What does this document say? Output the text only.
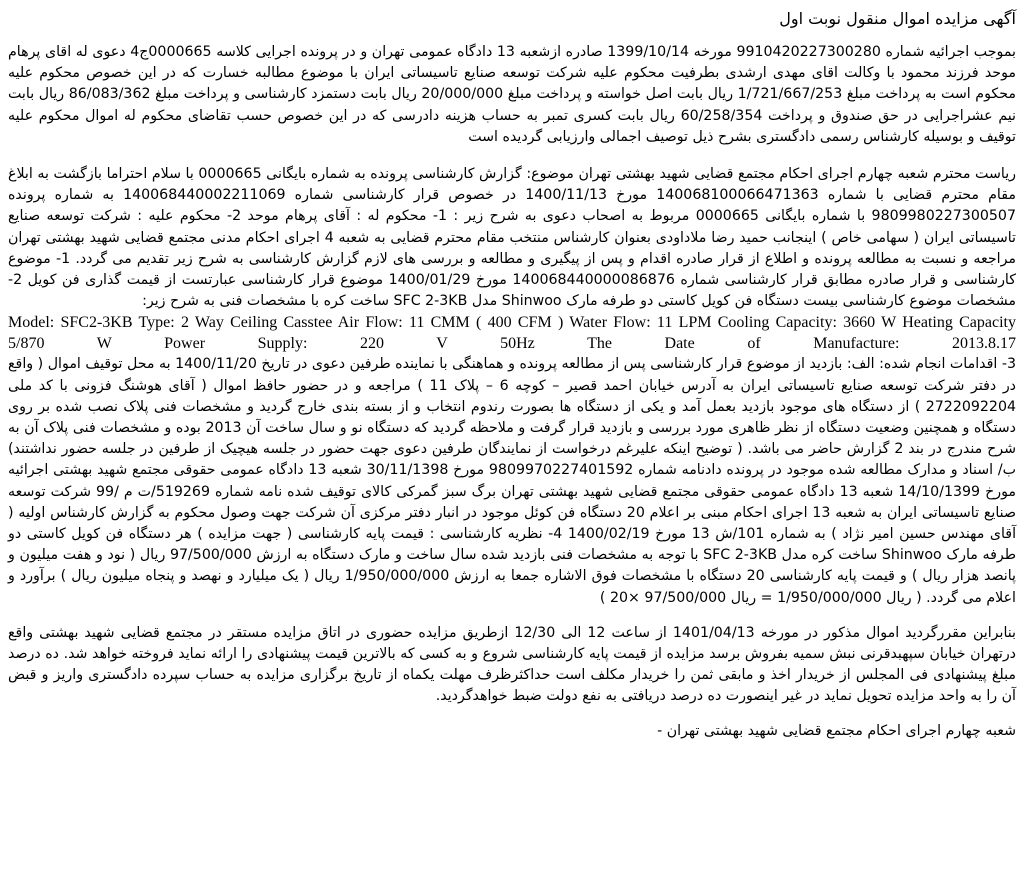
آگهی مزایده اموال منقول نوبت اول

بموجب اجرائیه شماره 9910420227300280 مورخه 1399/10/14 صادره ازشعبه 13 دادگاه عمومی تهران و در پرونده اجرایی کلاسه 0000665ج4 دعوی له اقای پرهام موحد فرزند محمود با وکالت اقای مهدی ارشدی بطرفیت محکوم علیه شرکت توسعه صنایع تاسیساتی ایران با موضوع مطالبه خسارت که در این خصوص محکوم علیه محکوم است به پرداخت مبلغ 1/721/667/253 ریال بابت اصل خواسته و پرداخت مبلغ 20/000/000 ریال بابت دستمزد کارشناسی و پرداخت مبلغ 86/083/362 ریال بابت نیم عشراجرایی در حق صندوق و پرداخت 60/258/354 ریال بابت کسری تمبر به حساب هزینه دادرسی که در این خصوص حسب تقاضای محکوم له اموال محکوم علیه توقیف و بوسیله کارشناس رسمی دادگستری بشرح ذیل توصیف اجمالی وارزیابی گردیده است

ریاست محترم شعبه چهارم اجرای احکام مجتمع قضایی شهید بهشتی تهران موضوع: گزارش کارشناسی پرونده به شماره بایگانی 0000665 با سلام احتراما بازگشت به ابلاغ مقام محترم قضایی با شماره 140068100066471363 مورخ 1400/11/13 در خصوص قرار کارشناسی شماره 140068440002211069 به شماره پرونده 9809980227300507 با شماره بایگانی 0000665 مربوط به اصحاب دعوی به شرح زیر : 1- محکوم له : آقای پرهام موحد 2- محکوم علیه : شرکت توسعه صنایع تاسیساتی ایران ( سهامی خاص ) اینجانب حمید رضا ملاداودی بعنوان کارشناس منتخب مقام محترم قضایی به شعبه 4 اجرای احکام مدنی مجتمع قضایی شهید بهشتی تهران مراجعه و نسبت به مطالعه پرونده و اطلاع از قرار صادره اقدام و پس از پیگیری و مطالعه و بررسی های لازم گزارش کارشناسی به شرح زیر تقدیم می گردد. 1- موضوع کارشناسی و قرار صادره مطابق قرار کارشناسی شماره 140068440000086876 مورخ 1400/01/29 موضوع قرار کارشناسی عبارتست از قیمت گذاری فن کویل 2- مشخصات موضوع کارشناسی بیست دستگاه فن کویل کاستی دو طرفه مارک Shinwoo مدل SFC 2-3KB ساخت کره با مشخصات فنی به شرح زیر:

Model: SFC2-3KB Type: 2 Way Ceiling Casstee Air Flow: 11 CMM ( 400 CFM ) Water Flow: 11 LPM Cooling Capacity: 3660 W Heating Capacity
5/870 W Power Supply: 220 V 50Hz The Date of Manufacture: 2013.8.17

3- اقدامات انجام شده: الف: بازدید از موضوع قرار کارشناسی پس از مطالعه پرونده و هماهنگی با نماینده طرفین دعوی در تاریخ 1400/11/20 به محل توقیف اموال ( واقع در دفتر شرکت توسعه صنایع تاسیساتی ایران به آدرس خیابان احمد قصیر – کوچه 6 – پلاک 11 ) مراجعه و در حضور حافظ اموال ( آقای هوشنگ فزونی با کد ملی 2722092204 ) از دستگاه های موجود بازدید بعمل آمد و یکی از دستگاه ها بصورت رندوم انتخاب و از بسته بندی خارج گردید و مشخصات فنی پلاک نصب شده بر روی دستگاه و همچنین وضعیت دستگاه از نظر ظاهری مورد بررسی و بازدید قرار گرفت و ملاحظه گردید که دستگاه نو و سال ساخت آن 2013 بوده و مشخصات فنی پلاک آن به شرح مندرج در بند 2 گزارش حاضر می باشد. ( توضیح اینکه علیرغم درخواست از نمایندگان طرفین دعوی جهت حضور در جلسه هیچیک از طرفین در جلسه حضور نداشتند) ب/ اسناد و مدارک مطالعه شده موجود در پرونده دادنامه شماره 9809970227401592 مورخ 30/11/1398 شعبه 13 دادگاه عمومی حقوقی مجتمع شهید بهشتی اجرائیه مورخ 14/10/1399 شعبه 13 دادگاه عمومی حقوقی مجتمع قضایی شهید بهشتی تهران برگ سبز گمرکی کالای توقیف شده نامه شماره 519269/ت م /99 شرکت توسعه صنایع تاسیساتی ایران به شعبه 13 اجرای احکام مبنی بر اعلام 20 دستگاه فن کوئل موجود در انبار دفتر مرکزی آن شرکت جهت وصول محکوم به گزارش کارشناس اولیه ( آقای مهندس حسین امیر نژاد ) به شماره 101/ش 13 مورخ 1400/02/19 4- نظریه کارشناسی : قیمت پایه کارشناسی ( جهت مزایده ) هر دستگاه فن کویل کاستی دو طرفه مارک Shinwoo ساخت کره مدل SFC 2-3KB با توجه به مشخصات فنی بازدید شده سال ساخت و مارک دستگاه به ارزش 97/500/000 ریال ( نود و هفت میلیون و پانصد هزار ریال ) و قیمت پایه کارشناسی 20 دستگاه با مشخصات فوق الاشاره جمعا به ارزش 1/950/000/000 ریال ( یک میلیارد و نهصد و پنجاه میلیون ریال ) برآورد و اعلام می گردد. ( ریال 1/950/000/000 = ریال 97/500/000 ×20 )

بنابراین مقررگردید اموال مذکور در مورخه 1401/04/13 از ساعت 12 الی 12/30 ازطریق مزایده حضوری در اتاق مزایده مستقر در مجتمع قضایی شهید بهشتی واقع درتهران خیابان سپهبدقرنی نبش سمیه بفروش برسد مزایده از قیمت پایه کارشناسی شروع و به کسی که بالاترین قیمت پیشنهادی را ارائه نماید فروخته خواهد شد. ده درصد مبلغ پیشنهادی فی المجلس از خریدار اخذ و مابقی ثمن را خریدار مکلف است حداکثرظرف مهلت یکماه از تاریخ برگزاری مزایده به حساب سپرده دادگستری واریز و قبض آن را به واحد مزایده تحویل نماید در غیر اینصورت ده درصد دریافتی به نفع دولت ضبط خواهدگردید.

شعبه چهارم اجرای احکام مجتمع قضایی شهید بهشتی تهران -
